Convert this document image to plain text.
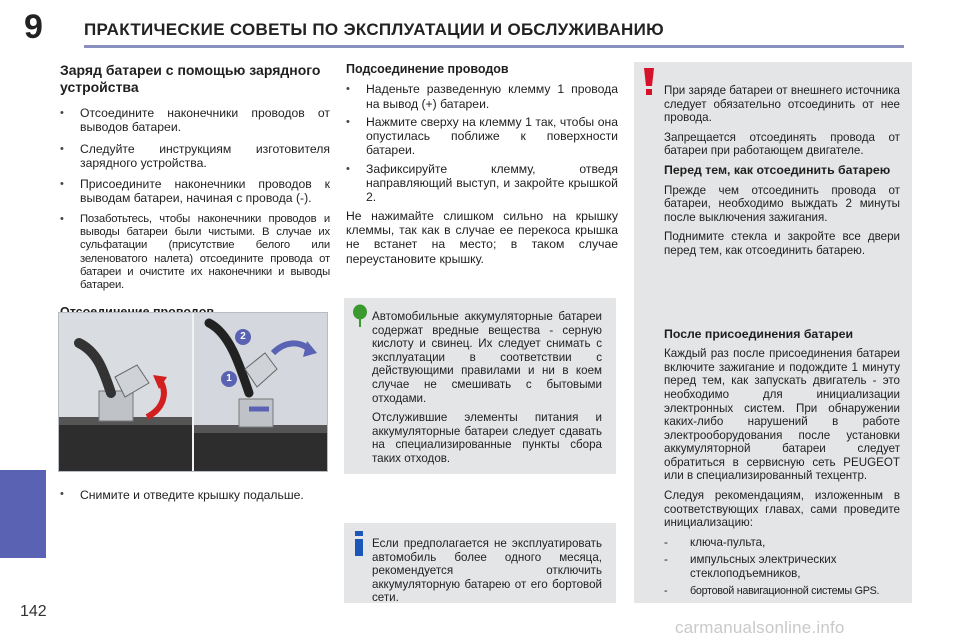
9 ПРАКТИЧЕСКИЕ СОВЕТЫ ПО ЭКСПЛУАТАЦИИ И ОБСЛУЖИВАНИЮ
142
carmanualsonline.info
Заряд батареи с помощью зарядного устройства
• Отсоедините наконечники проводов от выводов батареи.
• Следуйте инструкциям изготовителя зарядного устройства.
• Присоедините наконечники проводов к выводам батареи, начиная с провода (-).
• Позаботьтесь, чтобы наконечники проводов и выводы батареи были чистыми. В случае их сульфатации (присутствие белого или зеленоватого налета) отсоедините провода от батареи и очистите их наконечники и выводы батареи.
2
1
• Снимите и отведите крышку подальше.
Подсоединение проводов
• Наденьте разведенную клемму 1 провода на вывод (+) батареи.
• Нажмите сверху на клемму 1 так, чтобы она опустилась поближе к поверхности батареи.
• Зафиксируйте клемму, отведя направляющий выступ, и закройте крышкой 2.

Не нажимайте слишком сильно на крышку клеммы, так как в случае ее перекоса крышка не встанет на место; в таком случае переустановите крышку.

Автомобильные аккумуляторные батареи содержат вредные вещества - серную кислоту и свинец. Их следует снимать с эксплуатации в соответствии с действующими правилами и ни в коем случае не смешивать с бытовыми отходами.

Отслужившие элементы питания и аккумуляторные батареи следует сдавать на специализированные пункты сбора таких отходов.

Если предполагается не эксплуатировать автомобиль более одного месяца, рекомендуется отключить аккумуляторную батарею от его бортовой сети.

При заряде батареи от внешнего источника следует обязательно отсоединить от нее провода.

Запрещается отсоединять провода от батареи при работающем двигателе.

Перед тем, как отсоединить батарею

Прежде чем отсоединить провода от батареи, необходимо выждать 2 минуты после выключения зажигания.

Поднимите стекла и закройте все двери перед тем, как отсоединить батарею.

После присоединения батареи

Каждый раз после присоединения батареи включите зажигание и подождите 1 минуту перед тем, как запускать двигатель - это необходимо для инициализации электронных систем. При обнаружении каких-либо нарушений в работе электрооборудования после установки аккумуляторной батареи следует обратиться в сервисную сеть PEUGEOT или в специализированный техцентр.

Следуя рекомендациям, изложенным в соответствующих главах, сами проведите инициализацию:

- ключа-пульта,
- импульсных электрических стеклоподъемников,
- бортовой навигационной системы GPS.
